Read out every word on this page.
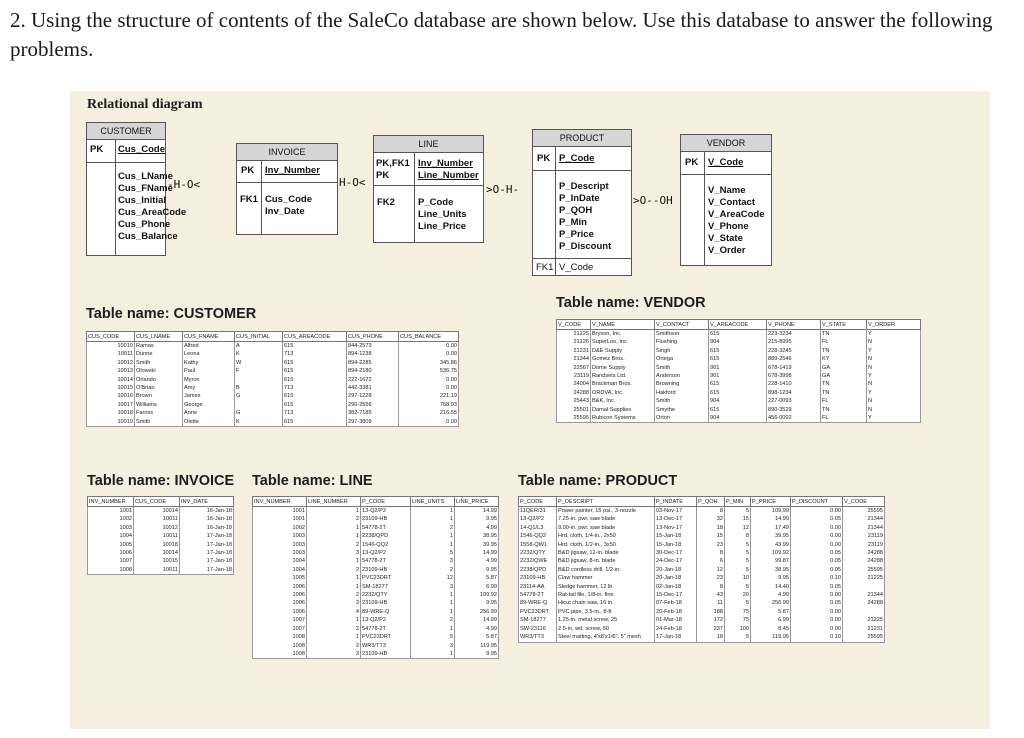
2. Using the structure of contents of the SaleCo database are shown below. Use this database to answer the following problems.
Relational diagram
CUSTOMER
PK Cus_Code
Cus_LName
Cus_FName
Cus_Initial
Cus_AreaCode
Cus_Phone
Cus_Balance
-H-O<
INVOICE
PK Inv_Number
FK1 Cus_Code
Inv_Date
H-O<
LINE
PK,FK1
PK
Inv_Number
Line_Number
FK2 P_Code
Line_Units
Line_Price
>O-H-
PRODUCT
PK P_Code
P_Descript
P_InDate
P_QOH
P_Min
P_Price
P_Discount
FK1 V_Code
>O--OH
VENDOR
PK V_Code
V_Name
V_Contact
V_AreaCode
V_Phone
V_State
V_Order
Table name: CUSTOMER
CUS_CODE	CUS_LNAME	CUS_FNAME	CUS_INITIAL	CUS_AREACODE	CUS_PHONE	CUS_BALANCE
10010	Ramas	Alfred	A	615	844-2573	0.00
10011	Dunne	Leona	K	713	894-1238	0.00
10012	Smith	Kathy	W	615	894-2285	345.86
10013	Olowski	Paul	F	615	894-2180	536.75
10014	Orlando	Myron		615	222-1672	0.00
10015	O'Brian	Amy	B	713	442-3381	0.00
10016	Brown	James	G	615	297-1228	221.19
10017	Williams	George		615	290-2556	768.93
10018	Farriss	Anne	G	713	382-7185	216.55
10019	Smith	Olette	K	615	297-3809	0.00
Table name: VENDOR
V_CODE	V_NAME	V_CONTACT	V_AREACODE	V_PHONE	V_STATE	V_ORDER
21225	Bryson, Inc.	Smithson	615	223-3234	TN	Y
21226	SuperLoo, Inc.	Flushing	904	215-8995	FL	N
21231	D&E Supply	Singh	615	228-3245	TN	Y
21344	Gomez Bros.	Ortega	615	889-2546	KY	N
22567	Dome Supply	Smith	901	678-1419	GA	N
23119	Randsets Ltd.	Anderson	901	678-3998	GA	Y
24004	Brackman Bros.	Browning	615	228-1410	TN	N
24288	ORDVA, Inc.	Hakford	615	898-1234	TN	Y
25443	B&K, Inc.	Smith	904	227-0093	FL	N
25501	Damal Supplies	Smythe	615	890-3529	TN	N
25595	Rubicon Systems	Orton	904	456-0092	FL	Y
Table name: INVOICE
INV_NUMBER	CUS_CODE	INV_DATE
1001	10014	16-Jan-18
1002	10011	16-Jan-18
1003	10012	16-Jan-18
1004	10011	17-Jan-18
1005	10018	17-Jan-18
1006	10014	17-Jan-18
1007	10015	17-Jan-18
1008	10011	17-Jan-18
Table name: LINE
INV_NUMBER	LINE_NUMBER	P_CODE	LINE_UNITS	LINE_PRICE
1001	1	13-Q2/P2	1	14.99
1001	2	23109-HB	1	9.95
1002	1	54778-2T	2	4.99
1003	1	2238/QPD	1	38.95
1003	2	1546-QQ2	1	39.95
1003	3	13-Q2/P2	5	14.99
1004	1	54778-2T	3	4.99
1004	2	23109-HB	2	9.95
1005	1	PVC23DRT	12	5.87
1006	1	SM-18277	3	6.99
1006	2	2232/QTY	1	109.92
1006	3	23109-HB	1	9.95
1006	4	89-WRE-Q	1	256.99
1007	1	13-Q2/P2	2	14.99
1007	2	54778-2T	1	4.99
1008	1	PVC23DRT	5	5.87
1008	2	WR3/TT3	3	119.95
1008	3	23109-HB	1	9.95
Table name: PRODUCT
P_CODE	P_DESCRIPT	P_INDATE	P_QOH	P_MIN	P_PRICE	P_DISCOUNT	V_CODE
11QER/31	Power painter, 15 psi., 3-nozzle	03-Nov-17	8	5	109.99	0.00	25595
13-Q2/P2	7.25-in. pwr. saw blade	13-Dec-17	32	15	14.99	0.05	21344
14-Q1/L3	9.00-in. pwr. saw blade	13-Nov-17	18	12	17.49	0.00	21344
1546-QQ2	Hrd. cloth, 1/4-in., 2x50	15-Jan-18	15	8	39.95	0.00	23119
1558-QW1	Hrd. cloth, 1/2-in., 3x50	15-Jan-18	23	5	43.99	0.00	23119
2232/QTY	B&D jigsaw, 12-in. blade	30-Dec-17	8	5	109.92	0.05	24288
2232/QWE	B&D jigsaw, 8-in. blade	24-Dec-17	6	5	99.87	0.05	24288
2238/QPD	B&D cordless drill, 1/2-in.	20-Jan-18	12	5	38.95	0.05	25595
23109-HB	Claw hammer	20-Jan-18	23	10	9.95	0.10	21225
23114-AA	Sledge hammer, 12 lb.	02-Jan-18	8	5	14.40	0.05	
54778-2T	Rat-tail file, 1/8-in. fine	15-Dec-17	43	20	4.99	0.00	21344
89-WRE-Q	Hicut chain saw, 16 in.	07-Feb-18	11	5	256.99	0.05	24288
PVC23DRT	PVC pipe, 3.5-in., 8-ft	20-Feb-18	188	75	5.87	0.00	
SM-18277	1.25-in. metal screw, 25	01-Mar-18	172	75	6.99	0.00	21225
SW-23116	2.5-in. wd. screw, 50	24-Feb-18	237	100	8.45	0.00	21231
WR3/TT3	Steel matting, 4'x8'x1/6", 5" mesh	17-Jan-18	18	5	119.95	0.10	25595
